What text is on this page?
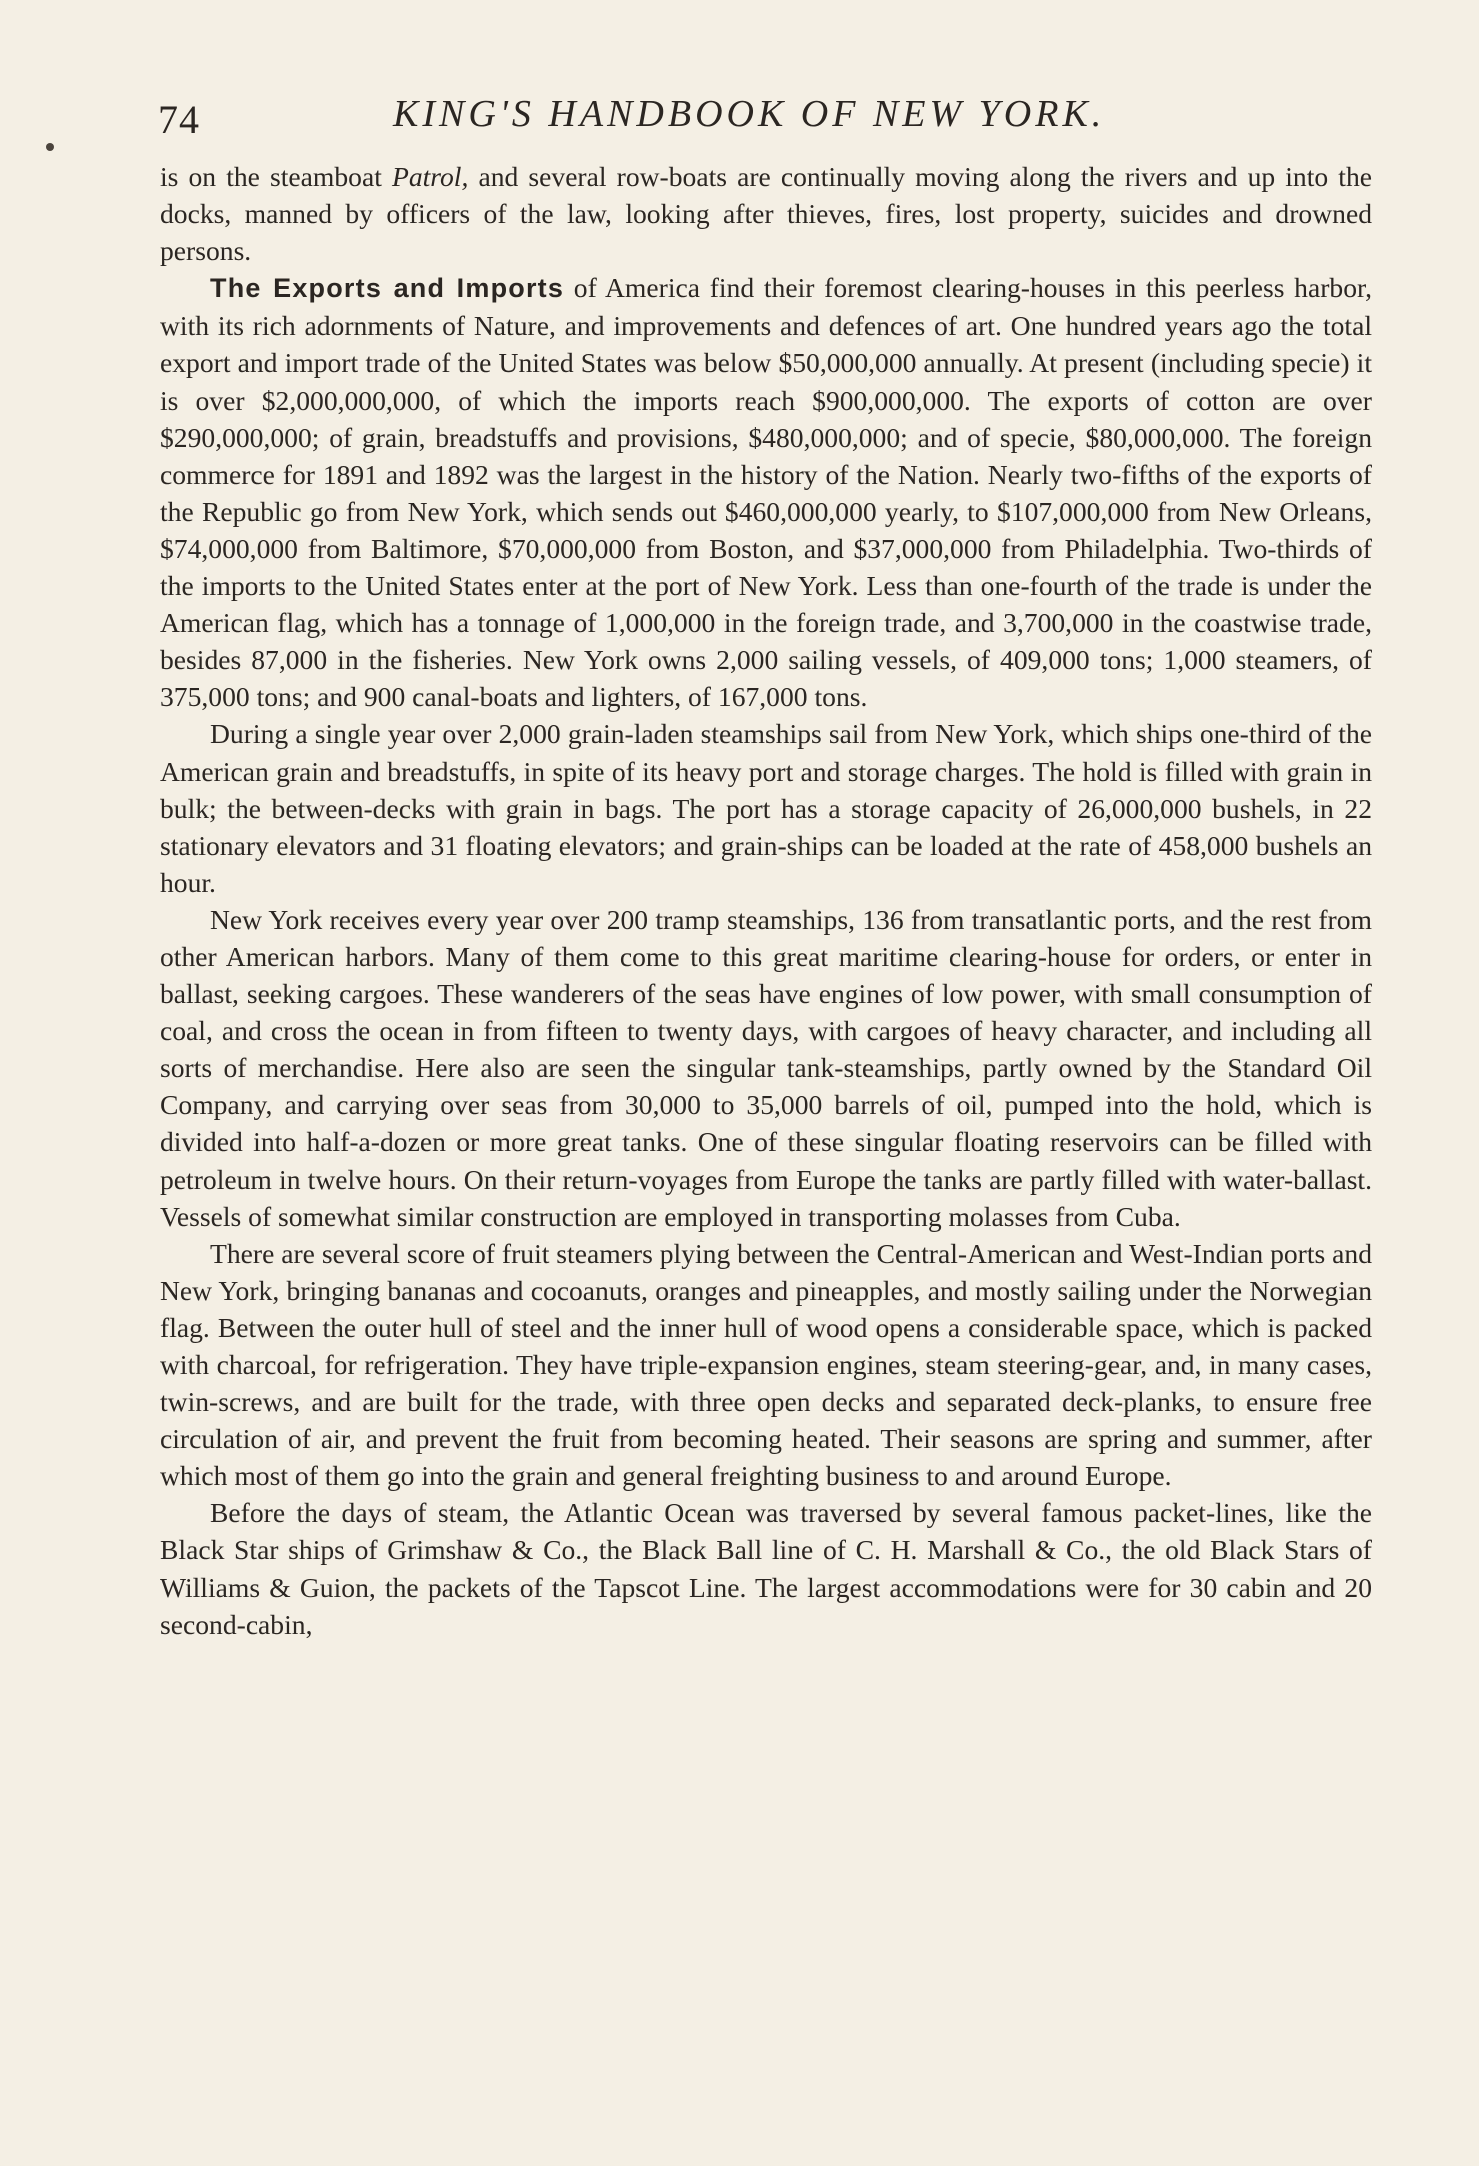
74	KING'S HANDBOOK OF NEW YORK.

is on the steamboat Patrol, and several row-boats are continually moving along the rivers and up into the docks, manned by officers of the law, looking after thieves, fires, lost property, suicides and drowned persons.

The Exports and Imports of America find their foremost clearing-houses in this peerless harbor, with its rich adornments of Nature, and improvements and defences of art. One hundred years ago the total export and import trade of the United States was below $50,000,000 annually. At present (including specie) it is over $2,000,000,000, of which the imports reach $900,000,000. The exports of cotton are over $290,000,000; of grain, breadstuffs and provisions, $480,000,000; and of specie, $80,000,000. The foreign commerce for 1891 and 1892 was the largest in the history of the Nation. Nearly two-fifths of the exports of the Republic go from New York, which sends out $460,000,000 yearly, to $107,000,000 from New Orleans, $74,000,000 from Baltimore, $70,000,000 from Boston, and $37,000,000 from Philadelphia. Two-thirds of the imports to the United States enter at the port of New York. Less than one-fourth of the trade is under the American flag, which has a tonnage of 1,000,000 in the foreign trade, and 3,700,000 in the coastwise trade, besides 87,000 in the fisheries. New York owns 2,000 sailing vessels, of 409,000 tons; 1,000 steamers, of 375,000 tons; and 900 canal-boats and lighters, of 167,000 tons.

During a single year over 2,000 grain-laden steamships sail from New York, which ships one-third of the American grain and breadstuffs, in spite of its heavy port and storage charges. The hold is filled with grain in bulk; the between-decks with grain in bags. The port has a storage capacity of 26,000,000 bushels, in 22 stationary elevators and 31 floating elevators; and grain-ships can be loaded at the rate of 458,000 bushels an hour.

New York receives every year over 200 tramp steamships, 136 from transatlantic ports, and the rest from other American harbors. Many of them come to this great maritime clearing-house for orders, or enter in ballast, seeking cargoes. These wanderers of the seas have engines of low power, with small consumption of coal, and cross the ocean in from fifteen to twenty days, with cargoes of heavy character, and including all sorts of merchandise. Here also are seen the singular tank-steamships, partly owned by the Standard Oil Company, and carrying over seas from 30,000 to 35,000 barrels of oil, pumped into the hold, which is divided into half-a-dozen or more great tanks. One of these singular floating reservoirs can be filled with petroleum in twelve hours. On their return-voyages from Europe the tanks are partly filled with water-ballast. Vessels of somewhat similar construction are employed in transporting molasses from Cuba.

There are several score of fruit steamers plying between the Central-American and West-Indian ports and New York, bringing bananas and cocoanuts, oranges and pineapples, and mostly sailing under the Norwegian flag. Between the outer hull of steel and the inner hull of wood opens a considerable space, which is packed with charcoal, for refrigeration. They have triple-expansion engines, steam steering-gear, and, in many cases, twin-screws, and are built for the trade, with three open decks and separated deck-planks, to ensure free circulation of air, and prevent the fruit from becoming heated. Their seasons are spring and summer, after which most of them go into the grain and general freighting business to and around Europe.

Before the days of steam, the Atlantic Ocean was traversed by several famous packet-lines, like the Black Star ships of Grimshaw & Co., the Black Ball line of C. H. Marshall & Co., the old Black Stars of Williams & Guion, the packets of the Tapscot Line. The largest accommodations were for 30 cabin and 20 second-cabin,
